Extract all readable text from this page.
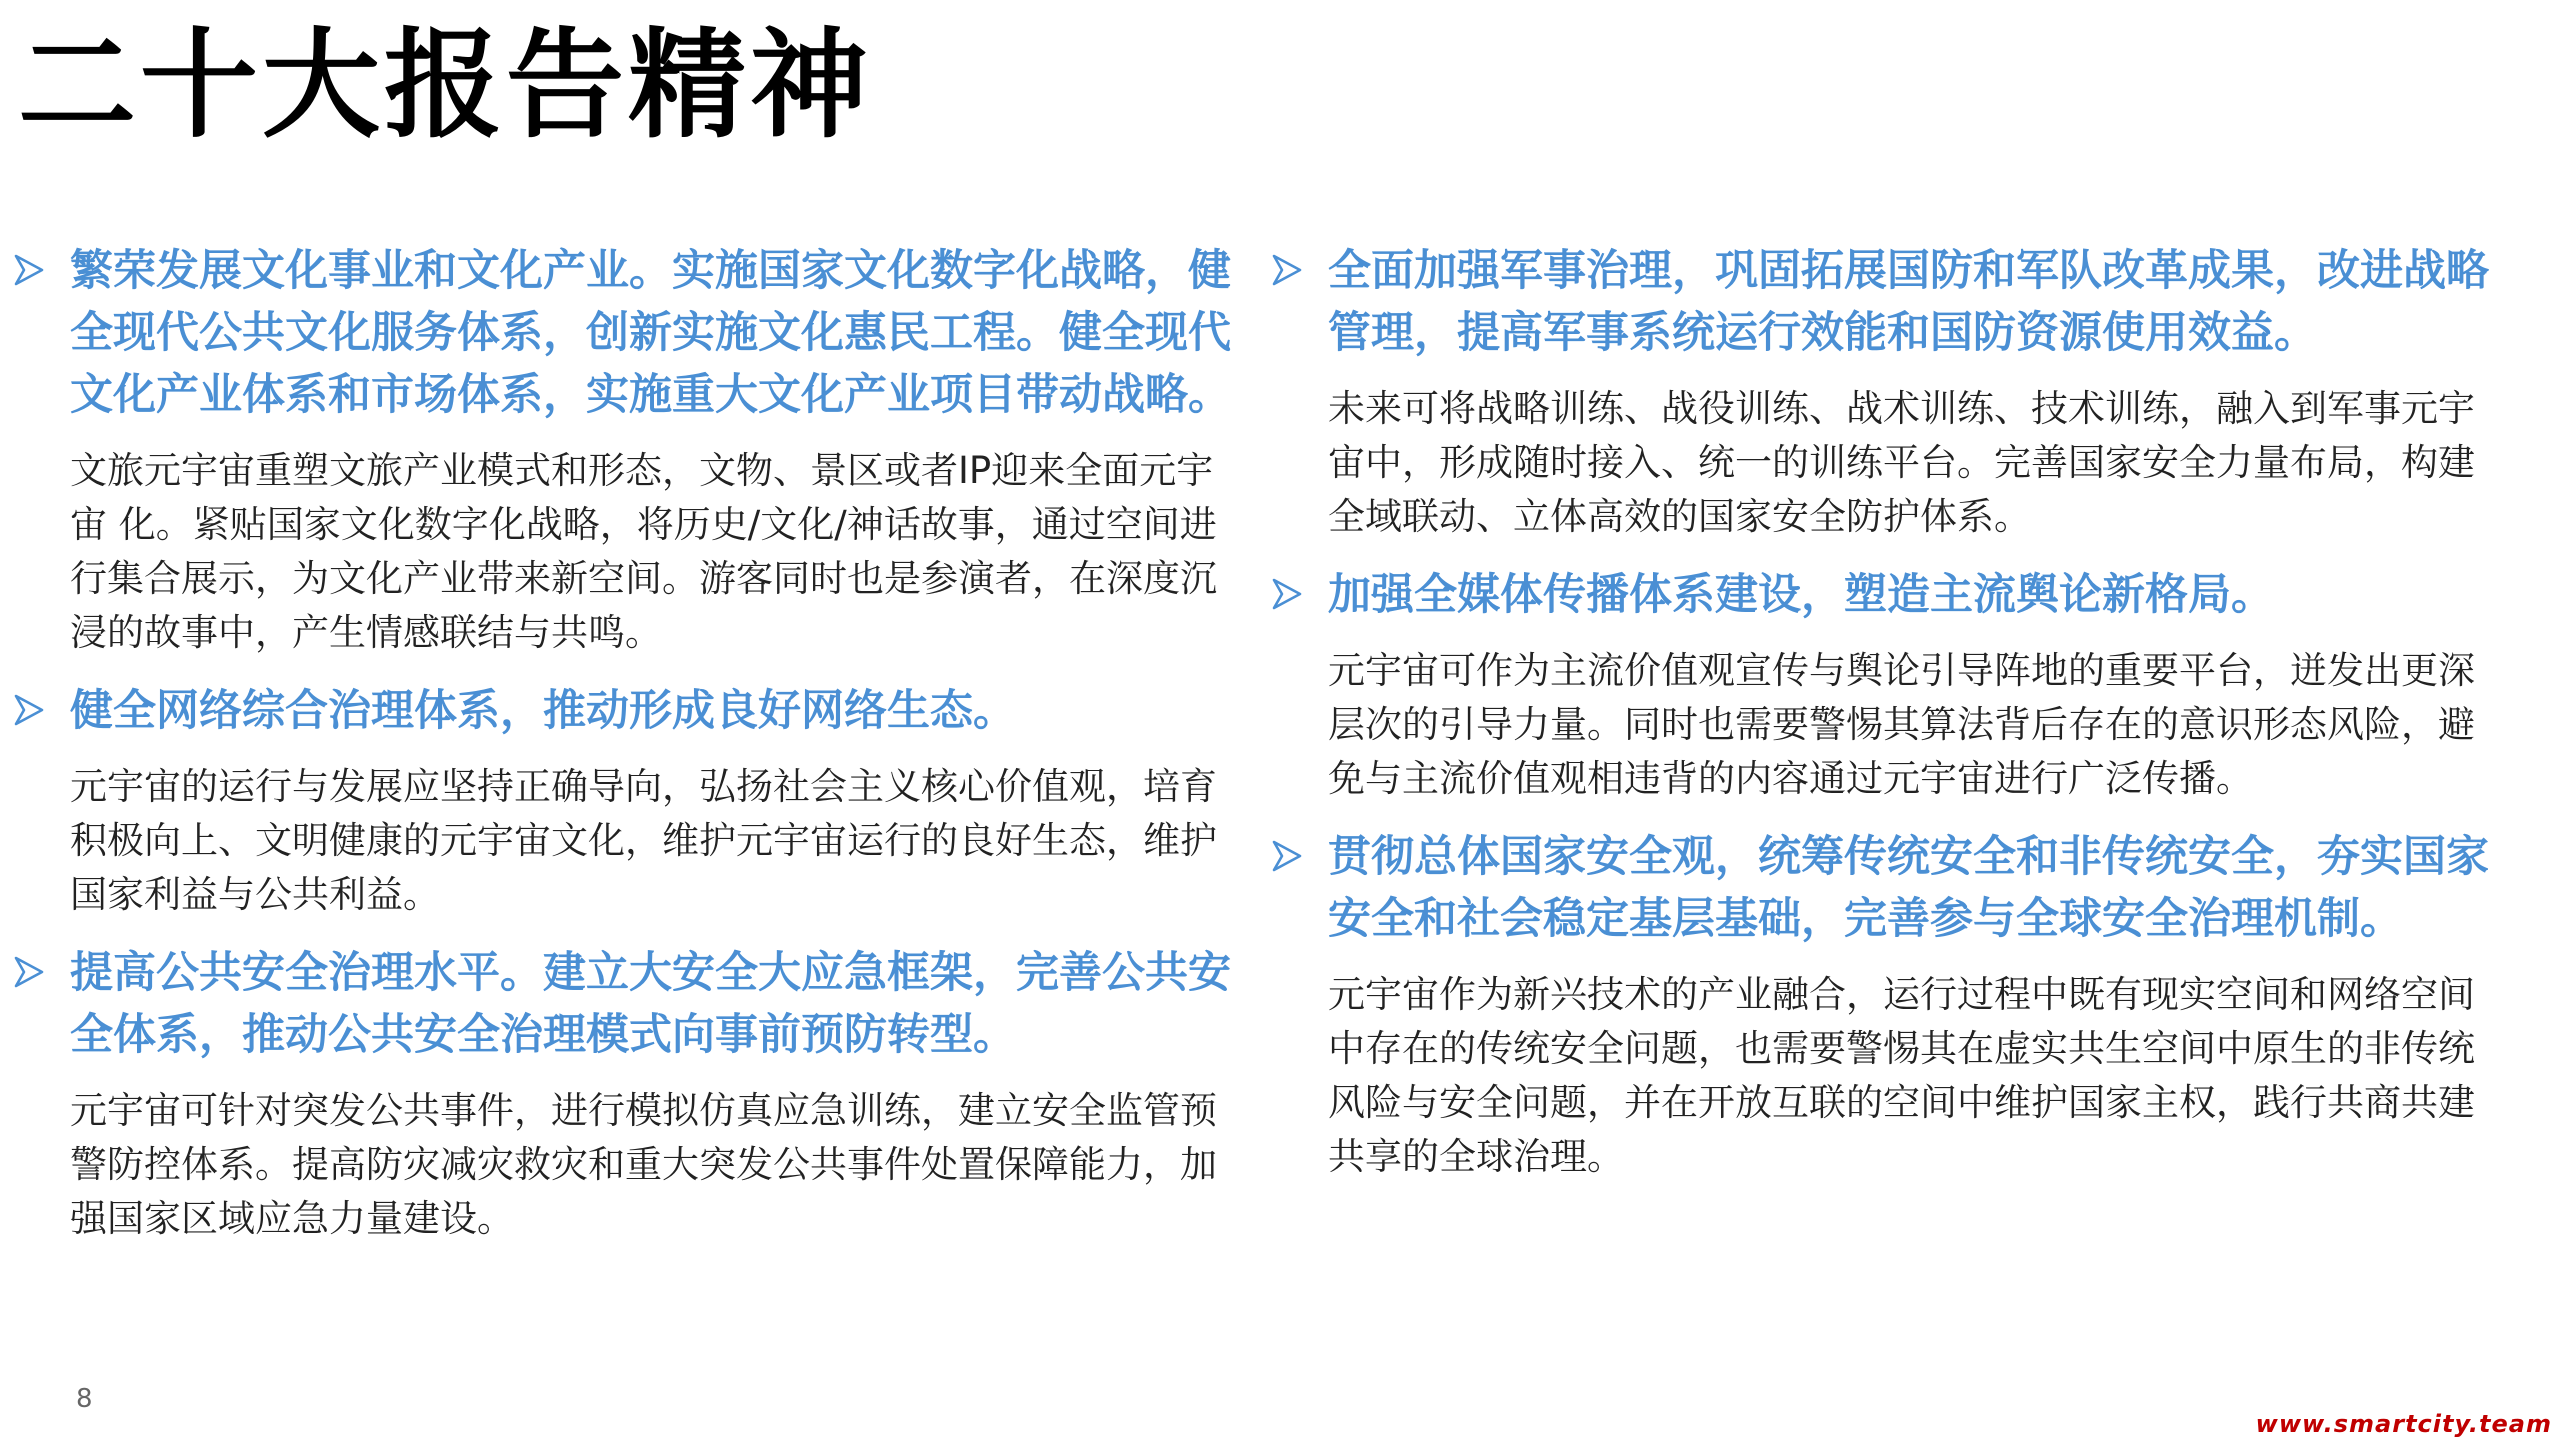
二十大报告精神
繁荣发展文化事业和文化产业。实施国家文化数字化战略，健全现代公共文化服务体系，创新实施文化惠民工程。健全现代文化产业体系和市场体系，实施重大文化产业项目带动战略。
文旅元宇宙重塑文旅产业模式和形态，文物、景区或者IP迎来全面元宇宙 化。紧贴国家文化数字化战略，将历史/文化/神话故事，通过空间进行集合展示，为文化产业带来新空间。游客同时也是参演者，在深度沉浸的故事中，产生情感联结与共鸣。
健全网络综合治理体系，推动形成良好网络生态。
元宇宙的运行与发展应坚持正确导向，弘扬社会主义核心价值观，培育积极向上、文明健康的元宇宙文化，维护元宇宙运行的良好生态，维护国家利益与公共利益。
提高公共安全治理水平。建立大安全大应急框架，完善公共安全体系，推动公共安全治理模式向事前预防转型。
元宇宙可针对突发公共事件，进行模拟仿真应急训练，建立安全监管预警防控体系。提高防灾减灾救灾和重大突发公共事件处置保障能力，加强国家区域应急力量建设。
全面加强军事治理，巩固拓展国防和军队改革成果，改进战略管理，提高军事系统运行效能和国防资源使用效益。
未来可将战略训练、战役训练、战术训练、技术训练，融入到军事元宇宙中，形成随时接入、统一的训练平台。完善国家安全力量布局，构建全域联动、立体高效的国家安全防护体系。
加强全媒体传播体系建设，塑造主流舆论新格局。
元宇宙可作为主流价值观宣传与舆论引导阵地的重要平台，迸发出更深层次的引导力量。同时也需要警惕其算法背后存在的意识形态风险，避免与主流价值观相违背的内容通过元宇宙进行广泛传播。
贯彻总体国家安全观，统筹传统安全和非传统安全，夯实国家安全和社会稳定基层基础，完善参与全球安全治理机制。
元宇宙作为新兴技术的产业融合，运行过程中既有现实空间和网络空间中存在的传统安全问题，也需要警惕其在虚实共生空间中原生的非传统风险与安全问题，并在开放互联的空间中维护国家主权，践行共商共建共享的全球治理。
8
www.smartcity.team
